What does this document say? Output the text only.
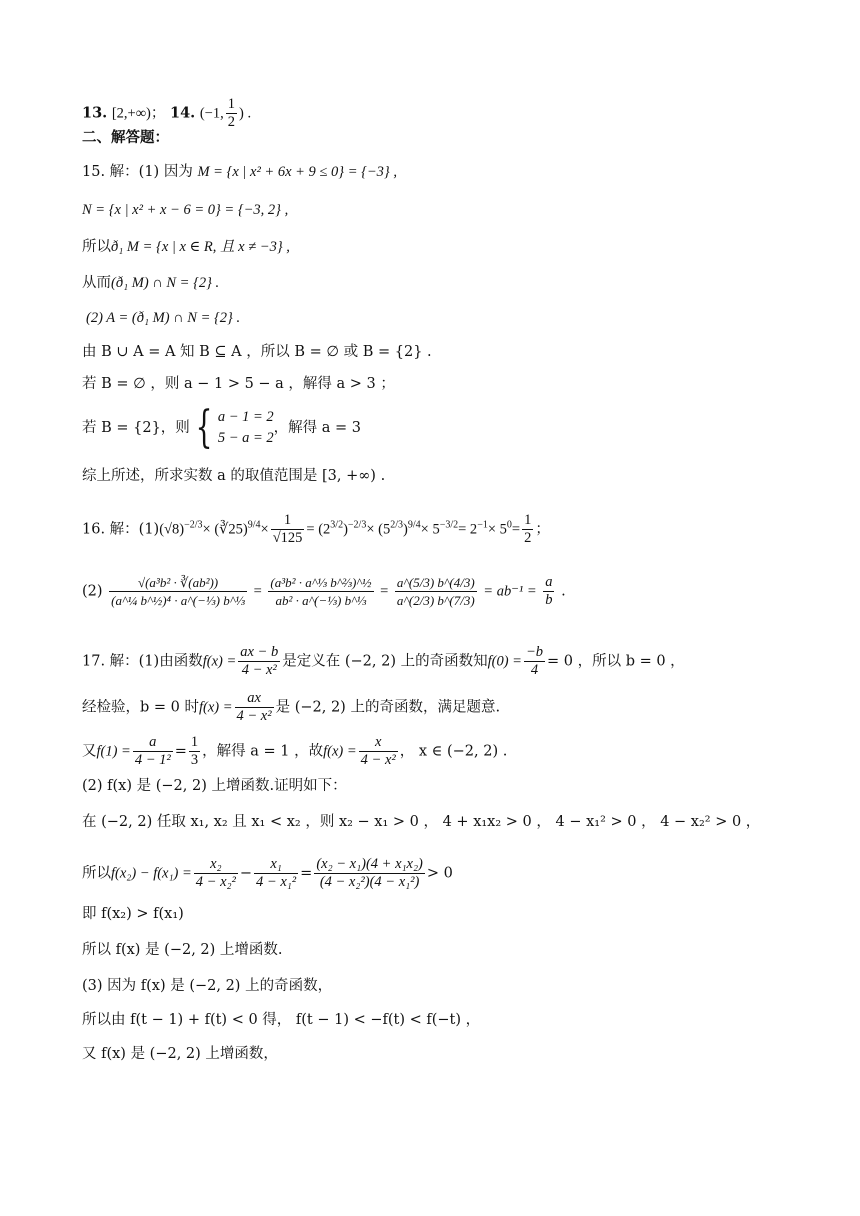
13. [2,+∞)； 14. (−1, $\frac{1}{2}$ ) .
二、解答题：
15. 解：(1) 因为 M = {x | x² + 6x + 9 ≤ 0} = {−3} ,
N = {x | x² + x − 6 = 0} = {−3, 2} ,
所以ð₁ M = {x | x ∈ R, 且 x ≠ −3} ,
从而(ð₁ M) ∩ N = {2} .
(2) A = (ð₁ M) ∩ N = {2} .
由 B ∪ A = A 知 B ⊆ A ，所以 B = ∅ 或 B = {2} .
若 B = ∅ ，则 a − 1 > 5 − a ，解得 a > 3 ；
若 B = {2}，则 { a − 1 = 2
5 − a = 2
，解得 a = 3
综上所述，所求实数 a 的取值范围是 [3, +∞) .
16. 解：$(1)(√8)^{-2/3}\times$ (∛25)$^{9/4}$× $\frac{1}{√125} = (2^{3/2})^{-2/3}\times (5^{2/3})^{9/4}\times 5^{-3/2}= 2^{-1}\times 5^0= \frac{1}{2}$ ；
$(2) \frac{\text{√(a³b² · ∛(ab²))}}{\text{(a\textasciicircum{}¼ b\textasciicircum{}½)⁴ · a\textasciicircum{}(−⅓) b\textasciicircum{}⅓}} = \frac{\text{(a³b² · a\textasciicircum{}⅓ b\textasciicircum{}⅔)\textasciicircum{}½}}{\text{ab² · a\textasciicircum{}(−⅓) b\textasciicircum{}⅓}} = \frac{a\^{}(5/3) b\^{}(4/3)}{a\^{}(2/3) b\^{}(7/3)} = ab^{-1} = \frac{a}{b}$ .
17. 解：(1)由函数$f(x) = \frac{ax - b}{\text{4 − x²}}$ 是定义在 (−2, 2) 上的奇函数知$f(0) = \frac{-b}{4} = 0$ ，所以 b = 0 ，
经检验，b = 0 时$f(x) = \frac{ax}{\text{4 − x²}}$ 是 (−2, 2) 上的奇函数，满足题意.
又$f(1) = \frac{a}{\text{4 − 1²}} = \frac{1}{3}$ ，解得 a = 1 ，故$f(x) = \frac{x}{\text{4 − x²}}$ ， x ∈ (−2, 2) .
(2) f(x) 是 (−2, 2) 上增函数.证明如下：
在 (−2, 2) 任取 x₁, x₂ 且 x₁ < x₂ ，则 x₂ − x₁ > 0 ， 4 + x₁x₂ > 0 ， 4 − x₁² > 0 ， 4 − x₂² > 0 ，
所以$f(x_2) - f(x_1) = \frac{\text{x₂}}{\text{4 − x₂²}} - \frac{\text{x₁}}{\text{4 − x₁²}} = \frac{\text{(x₂ − x₁)(4 + x₁x₂)}}{\text{(4 − x₂²)(4 − x₁²)}} > 0$
即 f(x₂) > f(x₁)
所以 f(x) 是 (−2, 2) 上增函数.
(3) 因为 f(x) 是 (−2, 2) 上的奇函数，
所以由 f(t − 1) + f(t) < 0 得， f(t − 1) < −f(t) < f(−t) ，
又 f(x) 是 (−2, 2) 上增函数，
